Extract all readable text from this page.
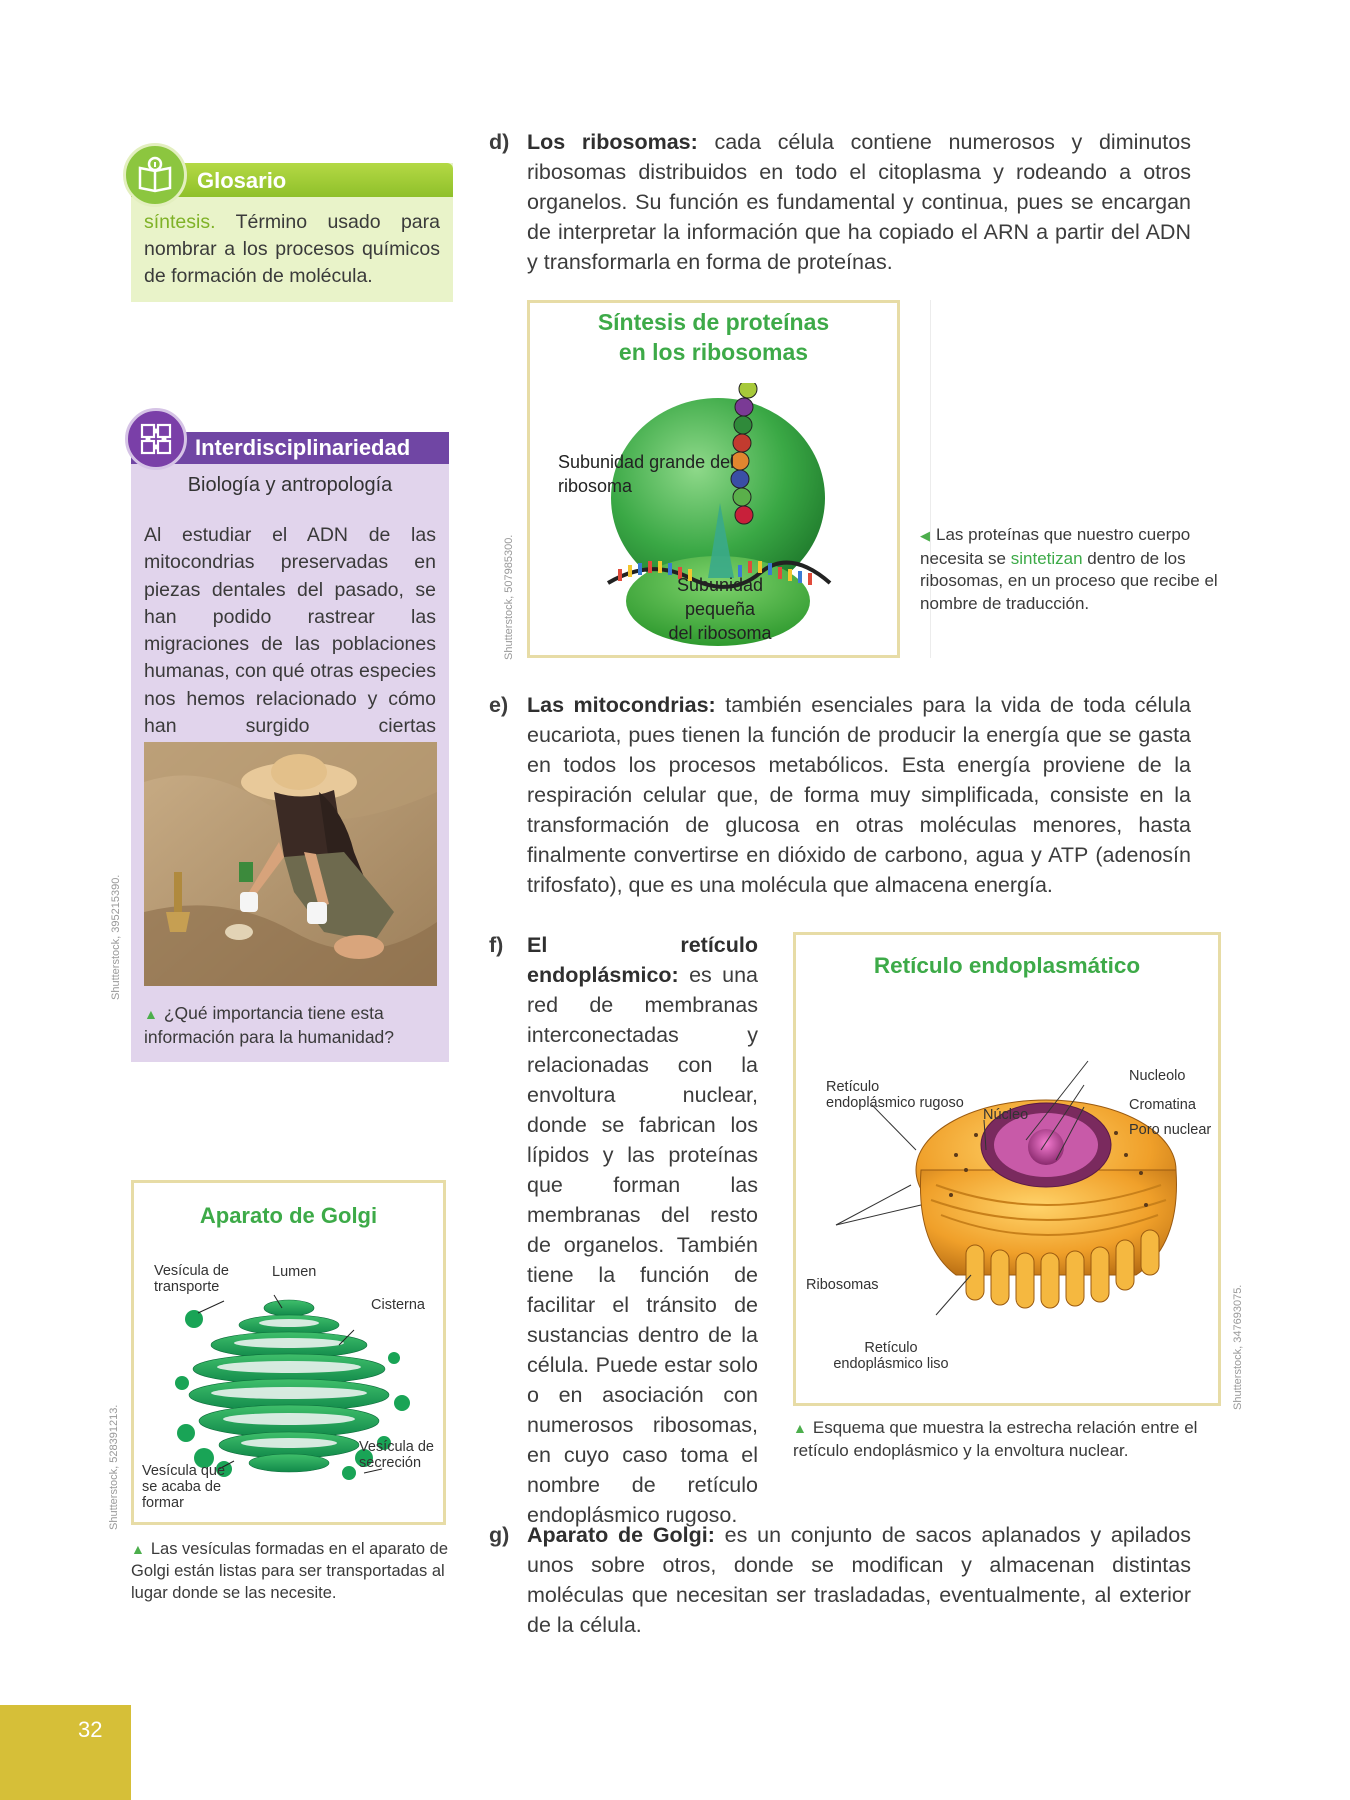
Glosario
síntesis. Término usado para nombrar a los procesos químicos de formación de molécula.
Interdisciplinariedad
Biología y antropología
Al estudiar el ADN de las mitocondrias preservadas en piezas dentales del pasado, se han podido rastrear las migraciones de las poblaciones humanas, con qué otras especies nos hemos relacionado y cómo han surgido ciertas
▲ ¿Qué importancia tiene esta información para la humanidad?
Shutterstock, 395215390.
Aparato de Golgi
Vesícula de transporte
Lumen
Cisterna
Vesícula de secreción
Vesícula que se acaba de formar
Shutterstock, 528391213.
▲ Las vesículas formadas en el aparato de Golgi están listas para ser transportadas al lugar donde se las necesite.
d) Los ribosomas: cada célula contiene numerosos y diminutos ribosomas distribuidos en todo el citoplasma y rodeando a otros organelos. Su función es fundamental y continua, pues se encargan de interpretar la información que ha copiado el ARN a partir del ADN y transformarla en forma de proteínas.
Síntesis de proteínas
en los ribosomas
Subunidad grande del ribosoma
Subunidad pequeña
del ribosoma
Shutterstock, 507985300.	◀ Las proteínas que nuestro cuerpo necesita se sintetizan dentro de los ribosomas, en un proceso que recibe el nombre de traducción.
e) Las mitocondrias: también esenciales para la vida de toda célula eucariota, pues tienen la función de producir la energía que se gasta en todos los procesos metabólicos. Esta energía proviene de la respiración celular que, de forma muy simplificada, consiste en la transformación de glucosa en otras moléculas menores, hasta finalmente convertirse en dióxido de carbono, agua y ATP (adenosín trifosfato), que es una molécula que almacena energía.
f) El retículo endoplásmico: es una red de membranas interconectadas y relacionadas con la envoltura nuclear, donde se fabrican los lípidos y las proteínas que forman las membranas del resto de organelos. También tiene la función de facilitar el tránsito de sustancias dentro de la célula. Puede estar solo o en asociación con numerosos ribosomas, en cuyo caso toma el nombre de retículo endoplásmico rugoso.
Retículo endoplasmático
Retículo endoplásmico rugoso
Núcleo
Nucleolo
Cromatina
Poro nuclear
Ribosomas
Retículo endoplásmico liso	Shutterstock, 347693075.
▲ Esquema que muestra la estrecha relación entre el retículo endoplásmico y la envoltura nuclear.
g) Aparato de Golgi: es un conjunto de sacos aplanados y apilados unos sobre otros, donde se modifican y almacenan distintas moléculas que necesitan ser trasladadas, eventualmente, al exterior de la célula.
32
